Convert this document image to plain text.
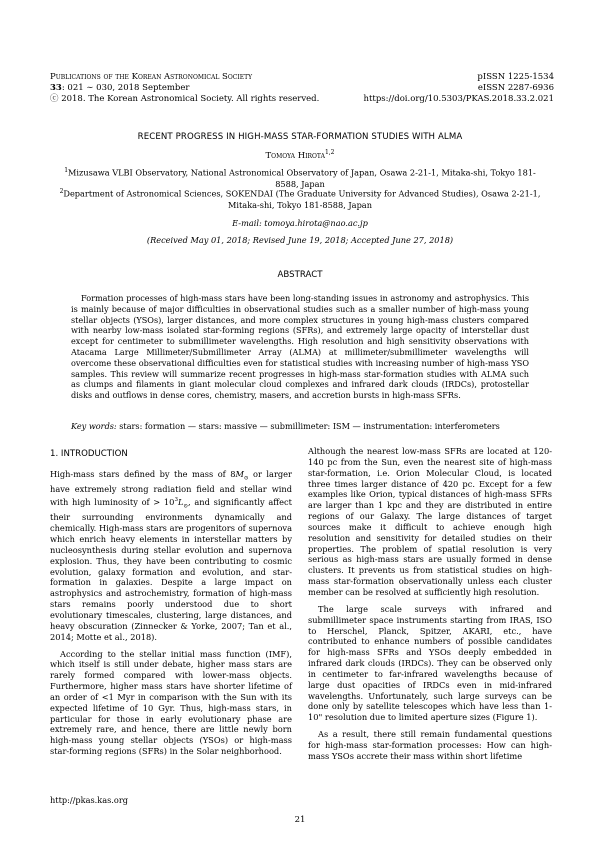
Publications of the Korean Astronomical Society
33: 021 ∼ 030, 2018 September
ⓒ 2018. The Korean Astronomical Society. All rights reserved.
pISSN 1225-1534
eISSN 2287-6936
https://doi.org/10.5303/PKAS.2018.33.2.021
RECENT PROGRESS IN HIGH-MASS STAR-FORMATION STUDIES WITH ALMA
Tomoya Hirota$^{1,2}$
$^1$Mizusawa VLBI Observatory, National Astronomical Observatory of Japan, Osawa 2-21-1, Mitaka-shi, Tokyo 181-8588, Japan
$^2$Department of Astronomical Sciences, SOKENDAI (The Graduate University for Advanced Studies), Osawa 2-21-1, Mitaka-shi, Tokyo 181-8588, Japan
E-mail: tomoya.hirota@nao.ac.jp
(Received May 01, 2018; Revised June 19, 2018; Accepted June 27, 2018)
ABSTRACT

Formation processes of high-mass stars have been long-standing issues in astronomy and astrophysics. This is mainly because of major difficulties in observational studies such as a smaller number of high-mass young stellar objects (YSOs), larger distances, and more complex structures in young high-mass clusters compared with nearby low-mass isolated star-forming regions (SFRs), and extremely large opacity of interstellar dust except for centimeter to submillimeter wavelengths. High resolution and high sensitivity observations with Atacama Large Millimeter/Submillimeter Array (ALMA) at millimeter/submillimeter wavelengths will overcome these observational difficulties even for statistical studies with increasing number of high-mass YSO samples. This review will summarize recent progresses in high-mass star-formation studies with ALMA such as clumps and filaments in giant molecular cloud complexes and infrared dark clouds (IRDCs), protostellar disks and outflows in dense cores, chemistry, masers, and accretion bursts in high-mass SFRs.

Key words: stars: formation — stars: massive — submillimeter: ISM — instrumentation: interferometers
1. INTRODUCTION

High-mass stars defined by the mass of $8M_⊙$ or larger have extremely strong radiation field and stellar wind with high luminosity of > $10^3L_⊙$, and significantly affect their surrounding environments dynamically and chemically. High-mass stars are progenitors of supernova which enrich heavy elements in interstellar matters by nucleosynthesis during stellar evolution and supernova explosion. Thus, they have been contributing to cosmic evolution, galaxy formation and evolution, and star-formation in galaxies. Despite a large impact on astrophysics and astrochemistry, formation of high-mass stars remains poorly understood due to short evolutionary timescales, clustering, large distances, and heavy obscuration (Zinnecker & Yorke, 2007; Tan et al., 2014; Motte et al., 2018).

According to the stellar initial mass function (IMF), which itself is still under debate, higher mass stars are rarely formed compared with lower-mass objects. Furthermore, higher mass stars have shorter lifetime of an order of <1 Myr in comparison with the Sun with its expected lifetime of 10 Gyr. Thus, high-mass stars, in particular for those in early evolutionary phase are extremely rare, and hence, there are little newly born high-mass young stellar objects (YSOs) or high-mass star-forming regions (SFRs) in the Solar neighborhood.

Although the nearest low-mass SFRs are located at 120-140 pc from the Sun, even the nearest site of high-mass star-formation, i.e. Orion Molecular Cloud, is located three times larger distance of 420 pc. Except for a few examples like Orion, typical distances of high-mass SFRs are larger than 1 kpc and they are distributed in entire regions of our Galaxy. The large distances of target sources make it difficult to achieve enough high resolution and sensitivity for detailed studies on their properties. The problem of spatial resolution is very serious as high-mass stars are usually formed in dense clusters. It prevents us from statistical studies on high-mass star-formation observationally unless each cluster member can be resolved at sufficiently high resolution.

The large scale surveys with infrared and submillimeter space instruments starting from IRAS, ISO to Herschel, Planck, Spitzer, AKARI, etc., have contributed to enhance numbers of possible candidates for high-mass SFRs and YSOs deeply embedded in infrared dark clouds (IRDCs). They can be observed only in centimeter to far-infrared wavelengths because of large dust opacities of IRDCs even in mid-infrared wavelengths. Unfortunately, such large surveys can be done only by satellite telescopes which have less than 1-10" resolution due to limited aperture sizes (Figure 1).

As a result, there still remain fundamental questions for high-mass star-formation processes: How can high-mass YSOs accrete their mass within short lifetime

http://pkas.kas.org
21
